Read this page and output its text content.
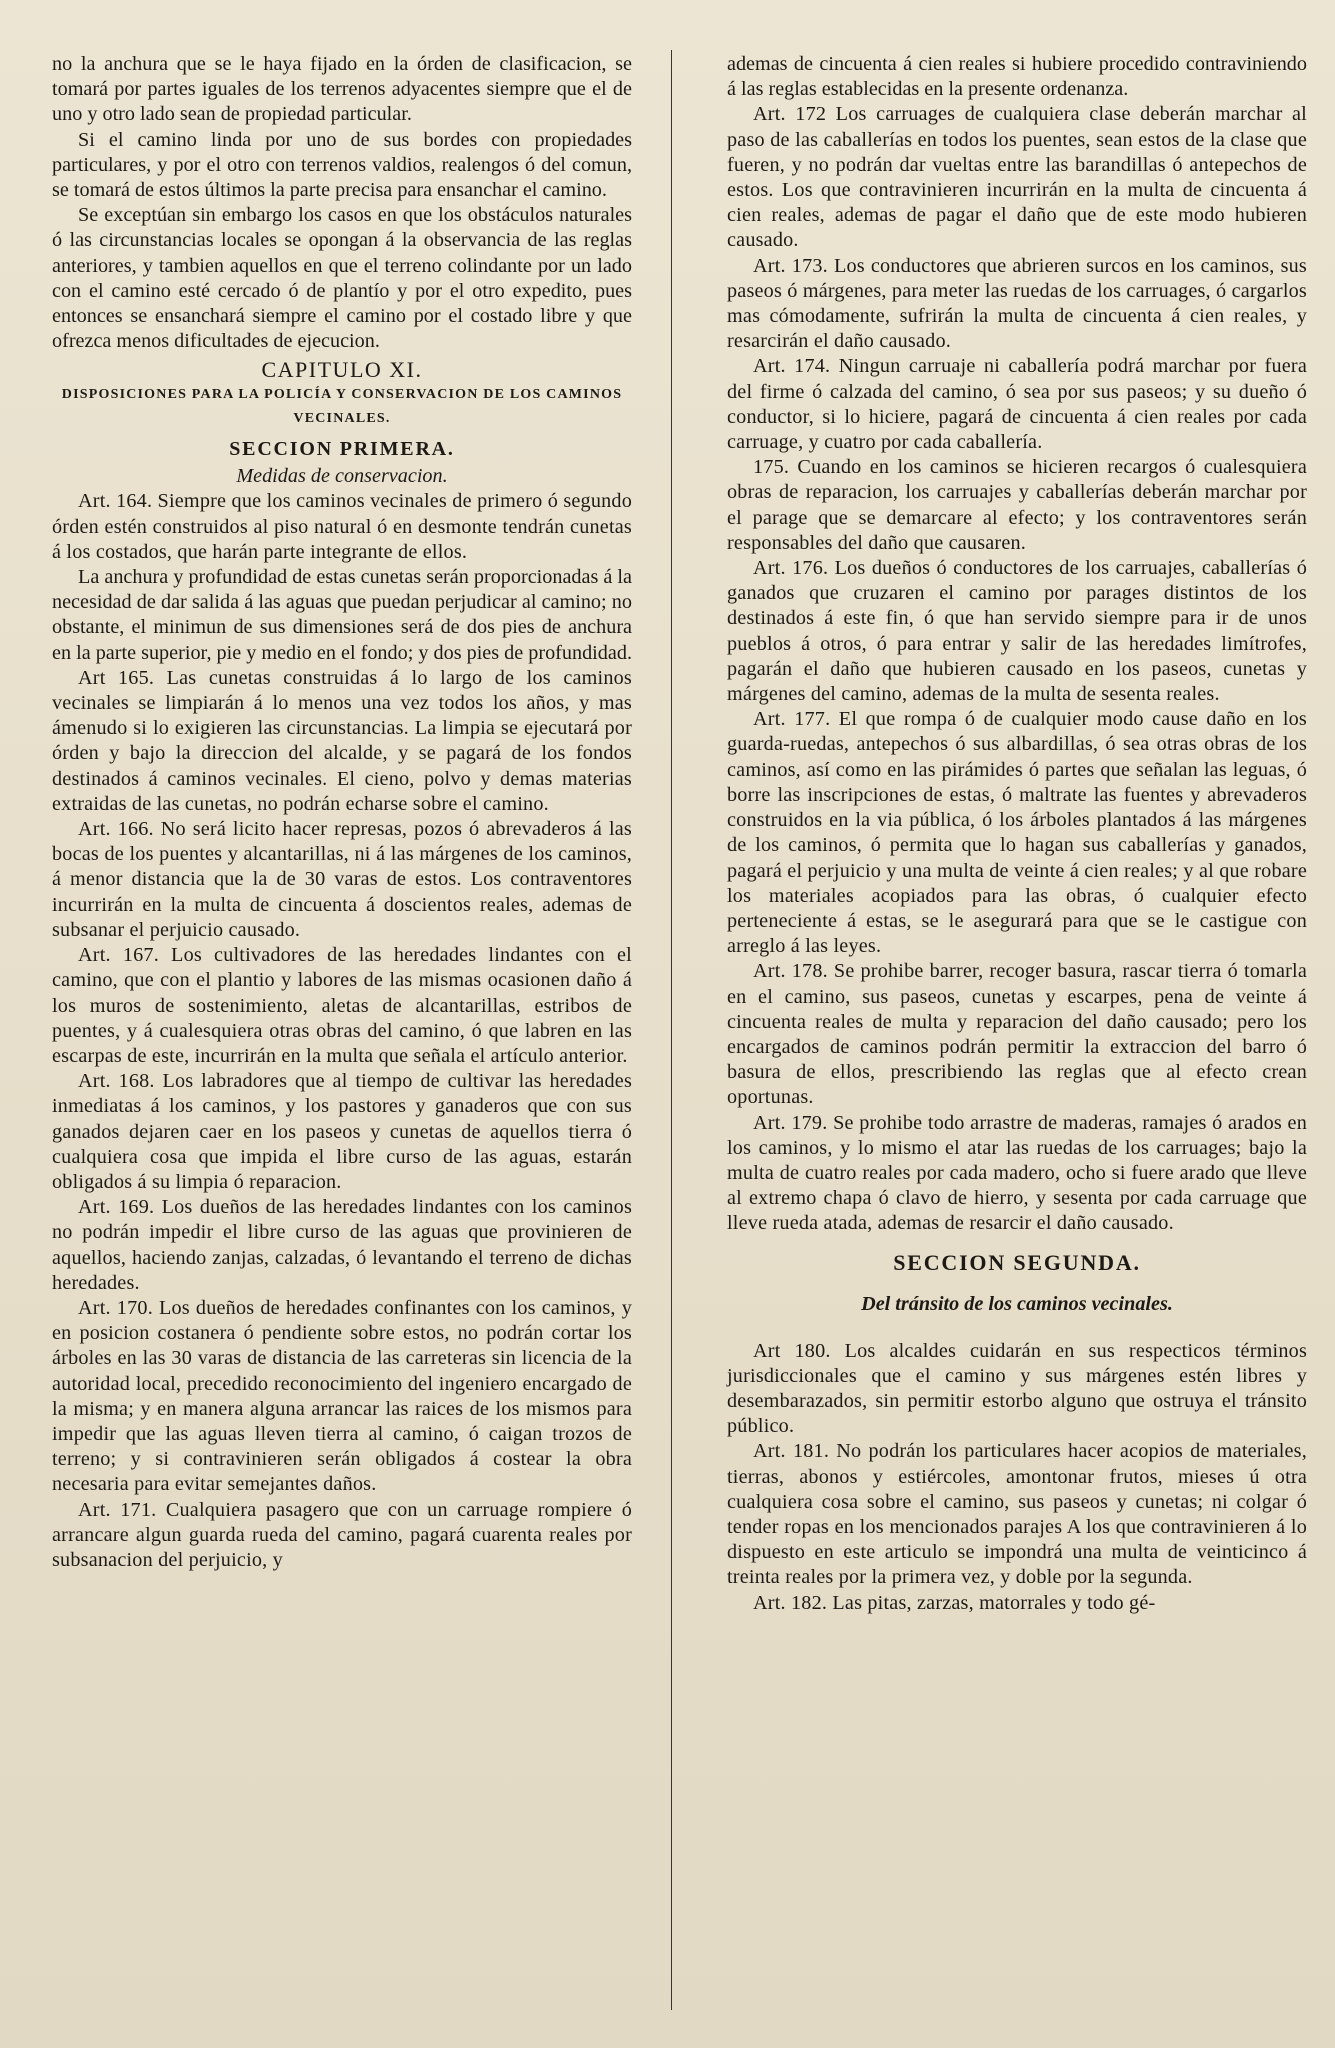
no la anchura que se le haya fijado en la órden de clasificacion, se tomará por partes iguales de los terrenos adyacentes siempre que el de uno y otro lado sean de propiedad particular.

Si el camino linda por uno de sus bordes con propiedades particulares, y por el otro con terrenos valdios, realengos ó del comun, se tomará de estos últimos la parte precisa para ensanchar el camino.

Se exceptúan sin embargo los casos en que los obstáculos naturales ó las circunstancias locales se opongan á la observancia de las reglas anteriores, y tambien aquellos en que el terreno colindante por un lado con el camino esté cercado ó de plantío y por el otro expedito, pues entonces se ensanchará siempre el camino por el costado libre y que ofrezca menos dificultades de ejecucion.

CAPITULO XI.
DISPOSICIONES PARA LA POLICÍA Y CONSERVACION DE LOS CAMINOS VECINALES.
SECCION PRIMERA.
Medidas de conservacion.

Art. 164. Siempre que los caminos vecinales de primero ó segundo órden estén construidos al piso natural ó en desmonte tendrán cunetas á los costados, que harán parte integrante de ellos.

La anchura y profundidad de estas cunetas serán proporcionadas á la necesidad de dar salida á las aguas que puedan perjudicar al camino; no obstante, el minimun de sus dimensiones será de dos pies de anchura en la parte superior, pie y medio en el fondo; y dos pies de profundidad.

Art 165. Las cunetas construidas á lo largo de los caminos vecinales se limpiarán á lo menos una vez todos los años, y mas ámenudo si lo exigieren las circunstancias. La limpia se ejecutará por órden y bajo la direccion del alcalde, y se pagará de los fondos destinados á caminos vecinales. El cieno, polvo y demas materias extraidas de las cunetas, no podrán echarse sobre el camino.

Art. 166. No será licito hacer represas, pozos ó abrevaderos á las bocas de los puentes y alcantarillas, ni á las márgenes de los caminos, á menor distancia que la de 30 varas de estos. Los contraventores incurrirán en la multa de cincuenta á doscientos reales, ademas de subsanar el perjuicio causado.

Art. 167. Los cultivadores de las heredades lindantes con el camino, que con el plantio y labores de las mismas ocasionen daño á los muros de sostenimiento, aletas de alcantarillas, estribos de puentes, y á cualesquiera otras obras del camino, ó que labren en las escarpas de este, incurrirán en la multa que señala el artículo anterior.

Art. 168. Los labradores que al tiempo de cultivar las heredades inmediatas á los caminos, y los pastores y ganaderos que con sus ganados dejaren caer en los paseos y cunetas de aquellos tierra ó cualquiera cosa que impida el libre curso de las aguas, estarán obligados á su limpia ó reparacion.

Art. 169. Los dueños de las heredades lindantes con los caminos no podrán impedir el libre curso de las aguas que provinieren de aquellos, haciendo zanjas, calzadas, ó levantando el terreno de dichas heredades.

Art. 170. Los dueños de heredades confinantes con los caminos, y en posicion costanera ó pendiente sobre estos, no podrán cortar los árboles en las 30 varas de distancia de las carreteras sin licencia de la autoridad local, precedido reconocimiento del ingeniero encargado de la misma; y en manera alguna arrancar las raices de los mismos para impedir que las aguas lleven tierra al camino, ó caigan trozos de terreno; y si contravinieren serán obligados á costear la obra necesaria para evitar semejantes daños.

Art. 171. Cualquiera pasagero que con un carruage rompiere ó arrancare algun guarda rueda del camino, pagará cuarenta reales por subsanacion del perjuicio, y

ademas de cincuenta á cien reales si hubiere procedido contraviniendo á las reglas establecidas en la presente ordenanza.

Art. 172 Los carruages de cualquiera clase deberán marchar al paso de las caballerías en todos los puentes, sean estos de la clase que fueren, y no podrán dar vueltas entre las barandillas ó antepechos de estos. Los que contravinieren incurrirán en la multa de cincuenta á cien reales, ademas de pagar el daño que de este modo hubieren causado.

Art. 173. Los conductores que abrieren surcos en los caminos, sus paseos ó márgenes, para meter las ruedas de los carruages, ó cargarlos mas cómodamente, sufrirán la multa de cincuenta á cien reales, y resarcirán el daño causado.

Art. 174. Ningun carruaje ni caballería podrá marchar por fuera del firme ó calzada del camino, ó sea por sus paseos; y su dueño ó conductor, si lo hiciere, pagará de cincuenta á cien reales por cada carruage, y cuatro por cada caballería.

175. Cuando en los caminos se hicieren recargos ó cualesquiera obras de reparacion, los carruajes y caballerías deberán marchar por el parage que se demarcare al efecto; y los contraventores serán responsables del daño que causaren.

Art. 176. Los dueños ó conductores de los carruajes, caballerías ó ganados que cruzaren el camino por parages distintos de los destinados á este fin, ó que han servido siempre para ir de unos pueblos á otros, ó para entrar y salir de las heredades limítrofes, pagarán el daño que hubieren causado en los paseos, cunetas y márgenes del camino, ademas de la multa de sesenta reales.

Art. 177. El que rompa ó de cualquier modo cause daño en los guarda-ruedas, antepechos ó sus albardillas, ó sea otras obras de los caminos, así como en las pirámides ó partes que señalan las leguas, ó borre las inscripciones de estas, ó maltrate las fuentes y abrevaderos construidos en la via pública, ó los árboles plantados á las márgenes de los caminos, ó permita que lo hagan sus caballerías y ganados, pagará el perjuicio y una multa de veinte á cien reales; y al que robare los materiales acopiados para las obras, ó cualquier efecto perteneciente á estas, se le asegurará para que se le castigue con arreglo á las leyes.

Art. 178. Se prohibe barrer, recoger basura, rascar tierra ó tomarla en el camino, sus paseos, cunetas y escarpes, pena de veinte á cincuenta reales de multa y reparacion del daño causado; pero los encargados de caminos podrán permitir la extraccion del barro ó basura de ellos, prescribiendo las reglas que al efecto crean oportunas.

Art. 179. Se prohibe todo arrastre de maderas, ramajes ó arados en los caminos, y lo mismo el atar las ruedas de los carruages; bajo la multa de cuatro reales por cada madero, ocho si fuere arado que lleve al extremo chapa ó clavo de hierro, y sesenta por cada carruage que lleve rueda atada, ademas de resarcir el daño causado.

SECCION SEGUNDA.
Del tránsito de los caminos vecinales.

Art 180. Los alcaldes cuidarán en sus respecticos términos jurisdiccionales que el camino y sus márgenes estén libres y desembarazados, sin permitir estorbo alguno que ostruya el tránsito público.

Art. 181. No podrán los particulares hacer acopios de materiales, tierras, abonos y estiércoles, amontonar frutos, mieses ú otra cualquiera cosa sobre el camino, sus paseos y cunetas; ni colgar ó tender ropas en los mencionados parajes A los que contravinieren á lo dispuesto en este articulo se impondrá una multa de veinticinco á treinta reales por la primera vez, y doble por la segunda.

Art. 182. Las pitas, zarzas, matorrales y todo gé-
